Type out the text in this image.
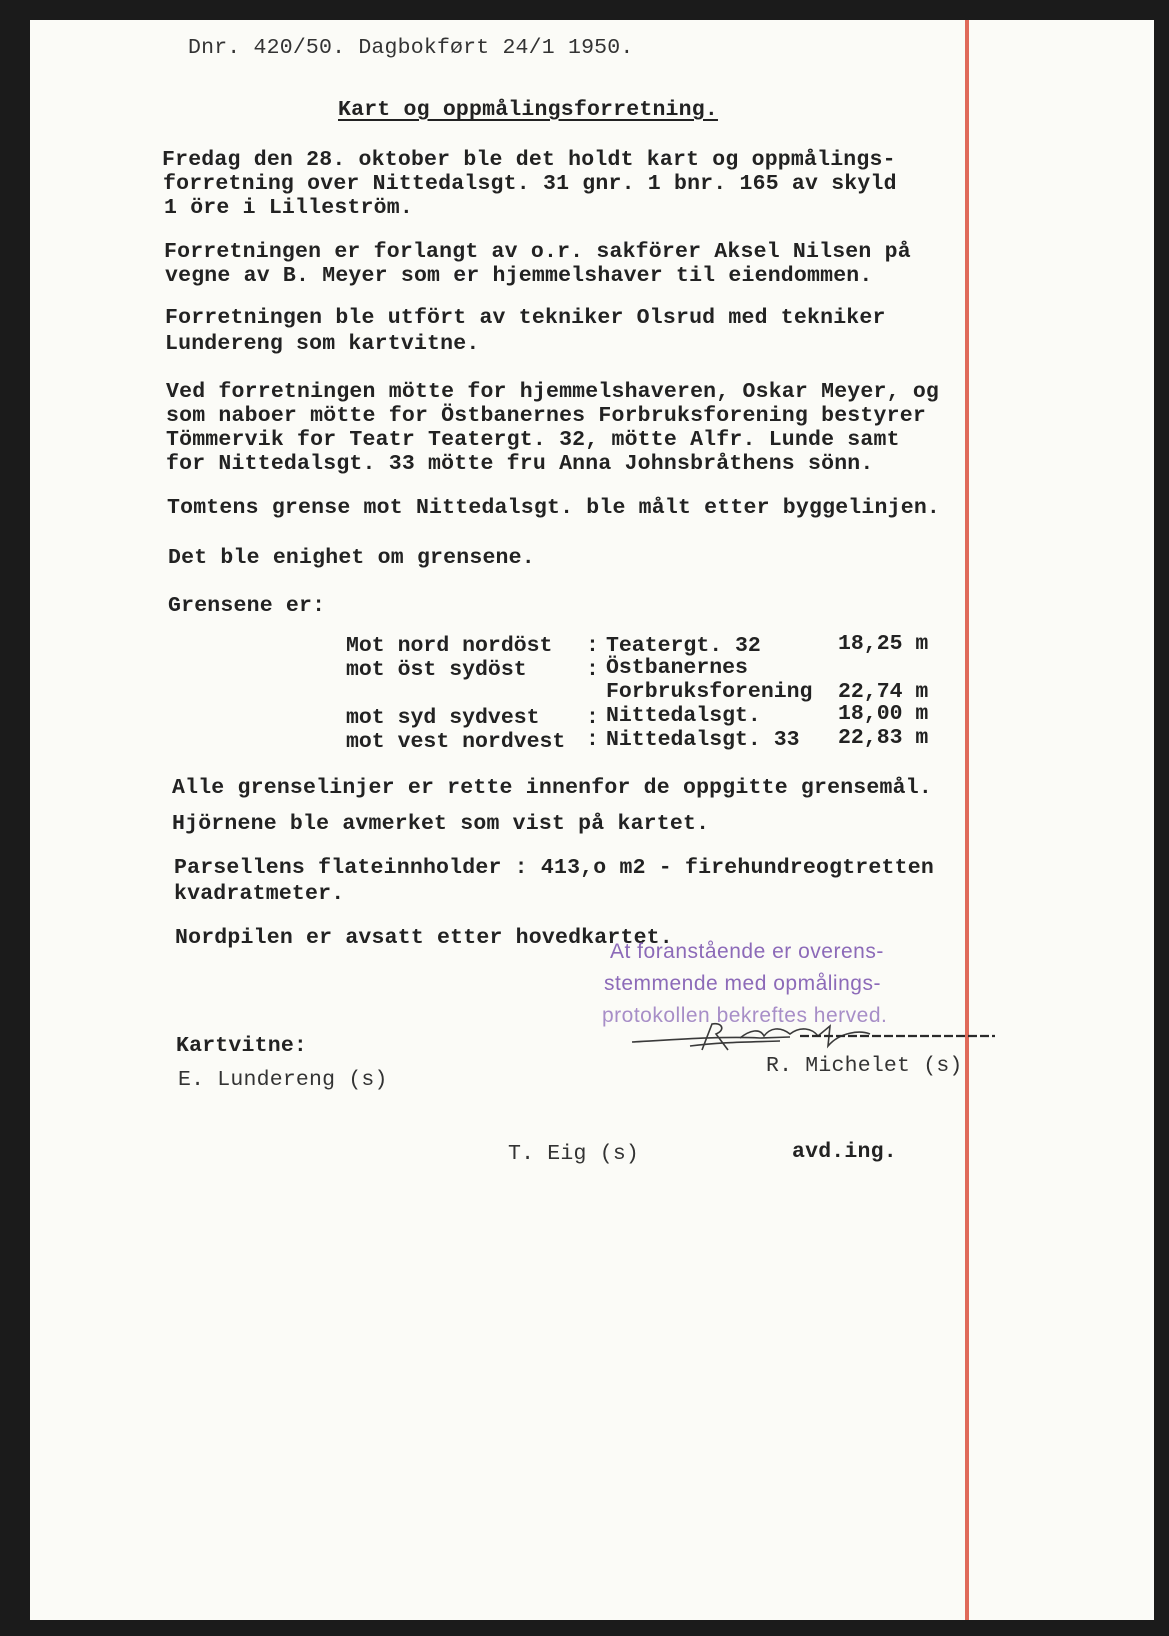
Dnr. 420/50. Dagbokført 24/1 1950.
Kart og oppmålingsforretning.
Fredag den 28. oktober ble det holdt kart og oppmålings-
forretning over Nittedalsgt. 31 gnr. 1 bnr. 165 av skyld
1 öre i Lilleström.
Forretningen er forlangt av o.r. sakförer Aksel Nilsen på
vegne av B. Meyer som er hjemmelshaver til eiendommen.
Forretningen ble utfört av tekniker Olsrud med tekniker
Lundereng som kartvitne.
Ved forretningen mötte for hjemmelshaveren, Oskar Meyer, og
som naboer mötte for Östbanernes Forbruksforening bestyrer
Tömmervik for Teatr Teatergt. 32, mötte Alfr. Lunde samt
for Nittedalsgt. 33 mötte fru Anna Johnsbråthens sönn.
Tomtens grense mot Nittedalsgt. ble målt etter byggelinjen.
Det ble enighet om grensene.
Grensene er:
Mot nord nordöst : Teatergt. 32	18,25 m
mot öst sydöst	: Östbanernes
Forbruksforening 22,74 m
mot syd sydvest : Nittedalsgt.	18,00 m
mot vest nordvest : Nittedalsgt. 33 22,83 m
Alle grenselinjer er rette innenfor de oppgitte grensemål.
Hjörnene ble avmerket som vist på kartet.
Parsellens flateinnholder : 413,o m2 - firehundreogtretten
kvadratmeter.
Nordpilen er avsatt etter hovedkartet.
At foranstående er overens-
stemmende med opmålings-
protokollen bekreftes herved.
Kartvitne:
E. Lundereng (s)
R. Michelet (s)
T. Eig (s)	avd.ing.
